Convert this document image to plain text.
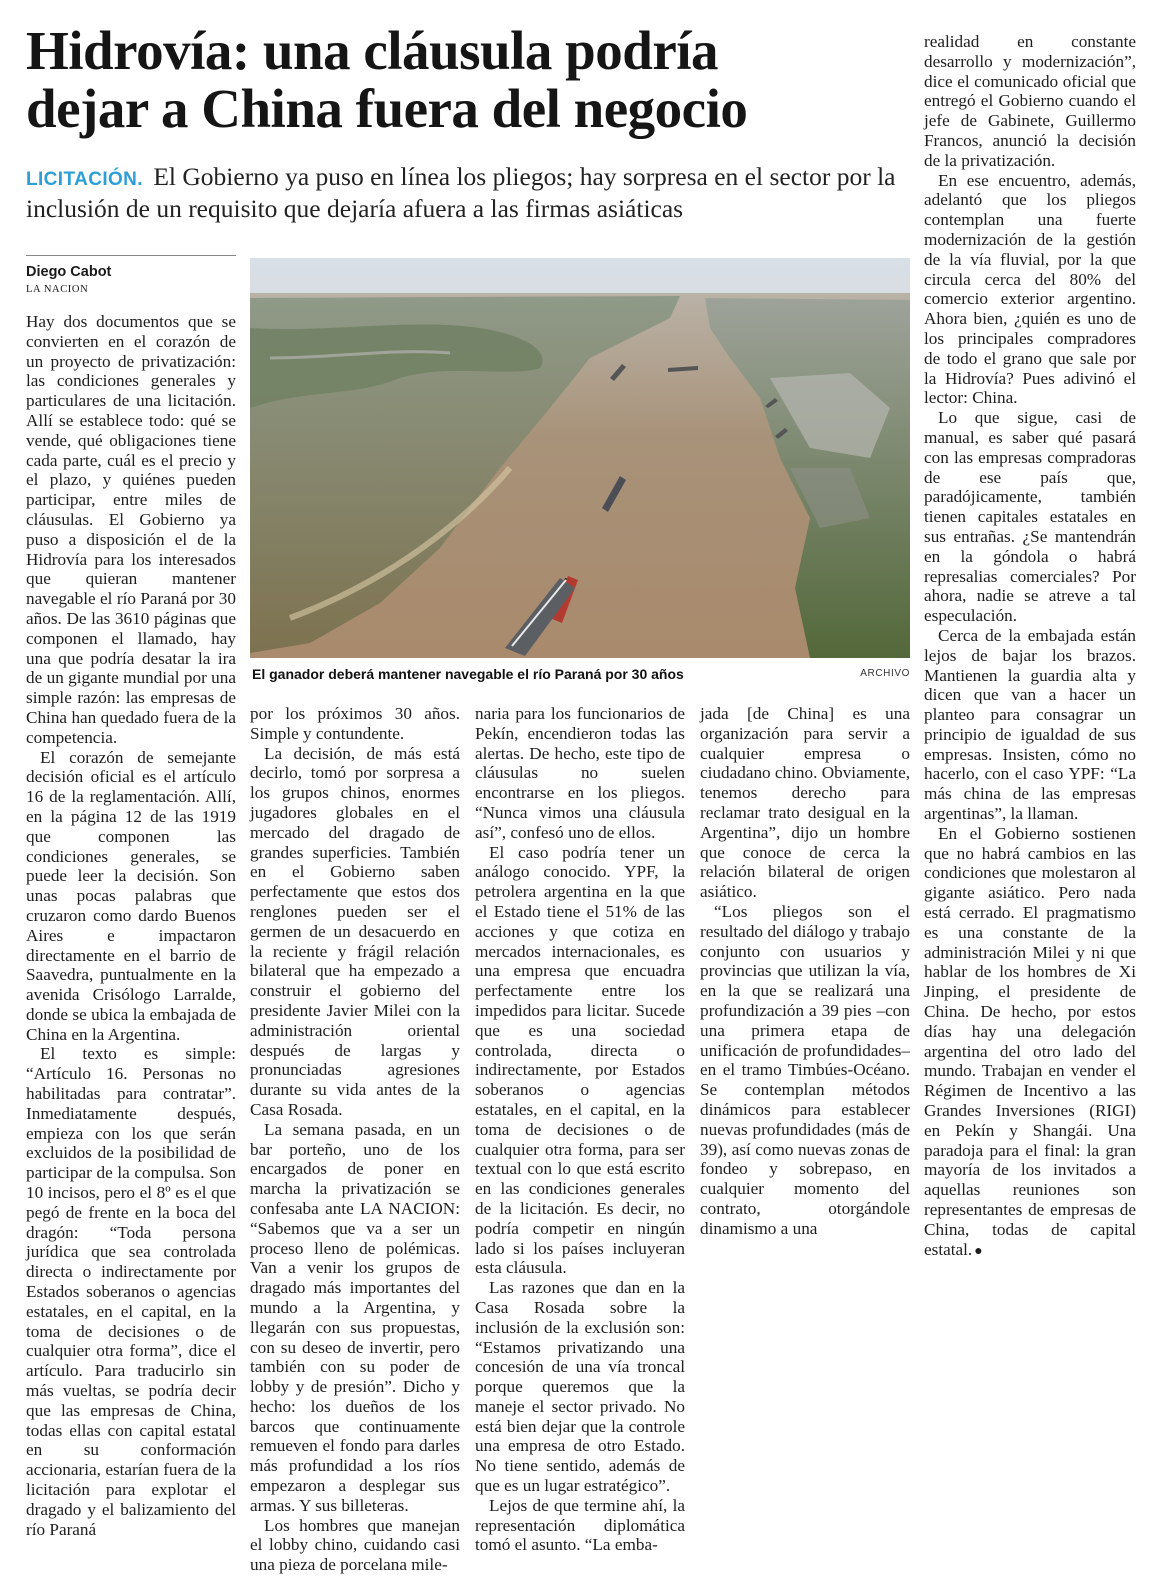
Hidrovía: una cláusula podría
dejar a China fuera del negocio
LICITACIÓN. El Gobierno ya puso en línea los pliegos; hay sorpresa en el sector por la inclusión de un requisito que dejaría afuera a las firmas asiáticas
Diego Cabot
LA NACION
El ganador deberá mantener navegable el río Paraná por 30 años	ARCHIVO

Hay dos documentos que se convierten en el corazón de un proyecto de privatización: las condiciones generales y particulares de una licitación. Allí se establece todo: qué se vende, qué obligaciones tiene cada parte, cuál es el precio y el plazo, y quiénes pueden participar, entre miles de cláusulas. El Gobierno ya puso a disposición el de la Hidrovía para los interesados que quieran mantener navegable el río Paraná por 30 años. De las 3610 páginas que componen el llamado, hay una que podría desatar la ira de un gigante mundial por una simple razón: las empresas de China han quedado fuera de la competencia.

El corazón de semejante decisión oficial es el artículo 16 de la reglamentación. Allí, en la página 12 de las 1919 que componen las condiciones generales, se puede leer la decisión. Son unas pocas palabras que cruzaron como dardo Buenos Aires e impactaron directamente en el barrio de Saavedra, puntualmente en la avenida Crisólogo Larralde, donde se ubica la embajada de China en la Argentina.

El texto es simple: “Artículo 16. Personas no habilitadas para contratar”. Inmediatamente después, empieza con los que serán excluidos de la posibilidad de participar de la compulsa. Son 10 incisos, pero el 8º es el que pegó de frente en la boca del dragón: “Toda persona jurídica que sea controlada directa o indirectamente por Estados soberanos o agencias estatales, en el capital, en la toma de decisiones o de cualquier otra forma”, dice el artículo. Para traducirlo sin más vueltas, se podría decir que las empresas de China, todas ellas con capital estatal en su conformación accionaria, estarían fuera de la licitación para explotar el dragado y el balizamiento del río Paraná

por los próximos 30 años. Simple y contundente.

La decisión, de más está decirlo, tomó por sorpresa a los grupos chinos, enormes jugadores globales en el mercado del dragado de grandes superficies. También en el Gobierno saben perfectamente que estos dos renglones pueden ser el germen de un desacuerdo en la reciente y frágil relación bilateral que ha empezado a construir el gobierno del presidente Javier Milei con la administración oriental después de largas y pronunciadas agresiones durante su vida antes de la Casa Rosada.

La semana pasada, en un bar porteño, uno de los encargados de poner en marcha la privatización se confesaba ante LA NACION: “Sabemos que va a ser un proceso lleno de polémicas. Van a venir los grupos de dragado más importantes del mundo a la Argentina, y llegarán con sus propuestas, con su deseo de invertir, pero también con su poder de lobby y de presión”. Dicho y hecho: los dueños de los barcos que continuamente remueven el fondo para darles más profundidad a los ríos empezaron a desplegar sus armas. Y sus billeteras.

Los hombres que manejan el lobby chino, cuidando casi una pieza de porcelana mile-

naria para los funcionarios de Pekín, encendieron todas las alertas. De hecho, este tipo de cláusulas no suelen encontrarse en los pliegos. “Nunca vimos una cláusula así”, confesó uno de ellos.

El caso podría tener un análogo conocido. YPF, la petrolera argentina en la que el Estado tiene el 51% de las acciones y que cotiza en mercados internacionales, es una empresa que encuadra perfectamente entre los impedidos para licitar. Sucede que es una sociedad controlada, directa o indirectamente, por Estados soberanos o agencias estatales, en el capital, en la toma de decisiones o de cualquier otra forma, para ser textual con lo que está escrito en las condiciones generales de la licitación. Es decir, no podría competir en ningún lado si los países incluyeran esta cláusula.

Las razones que dan en la Casa Rosada sobre la inclusión de la exclusión son: “Estamos privatizando una concesión de una vía troncal porque queremos que la maneje el sector privado. No está bien dejar que la controle una empresa de otro Estado. No tiene sentido, además de que es un lugar estratégico”.

Lejos de que termine ahí, la representación diplomática tomó el asunto. “La emba-

jada [de China] es una organización para servir a cualquier empresa o ciudadano chino. Obviamente, tenemos derecho para reclamar trato desigual en la Argentina”, dijo un hombre que conoce de cerca la relación bilateral de origen asiático.

“Los pliegos son el resultado del diálogo y trabajo conjunto con usuarios y provincias que utilizan la vía, en la que se realizará una profundización a 39 pies –con una primera etapa de unificación de profundidades– en el tramo Timbúes-Océano. Se contemplan métodos dinámicos para establecer nuevas profundidades (más de 39), así como nuevas zonas de fondeo y sobrepaso, en cualquier momento del contrato, otorgándole dinamismo a una

realidad en constante desarrollo y modernización”, dice el comunicado oficial que entregó el Gobierno cuando el jefe de Gabinete, Guillermo Francos, anunció la decisión de la privatización.

En ese encuentro, además, adelantó que los pliegos contemplan una fuerte modernización de la gestión de la vía fluvial, por la que circula cerca del 80% del comercio exterior argentino. Ahora bien, ¿quién es uno de los principales compradores de todo el grano que sale por la Hidrovía? Pues adivinó el lector: China.

Lo que sigue, casi de manual, es saber qué pasará con las empresas compradoras de ese país que, paradójicamente, también tienen capitales estatales en sus entrañas. ¿Se mantendrán en la góndola o habrá represalias comerciales? Por ahora, nadie se atreve a tal especulación.

Cerca de la embajada están lejos de bajar los brazos. Mantienen la guardia alta y dicen que van a hacer un planteo para consagrar un principio de igualdad de sus empresas. Insisten, cómo no hacerlo, con el caso YPF: “La más china de las empresas argentinas”, la llaman.

En el Gobierno sostienen que no habrá cambios en las condiciones que molestaron al gigante asiático. Pero nada está cerrado. El pragmatismo es una constante de la administración Milei y ni que hablar de los hombres de Xi Jinping, el presidente de China. De hecho, por estos días hay una delegación argentina del otro lado del mundo. Trabajan en vender el Régimen de Incentivo a las Grandes Inversiones (RIGI) en Pekín y Shangái. Una paradoja para el final: la gran mayoría de los invitados a aquellas reuniones son representantes de empresas de China, todas de capital estatal. ●
